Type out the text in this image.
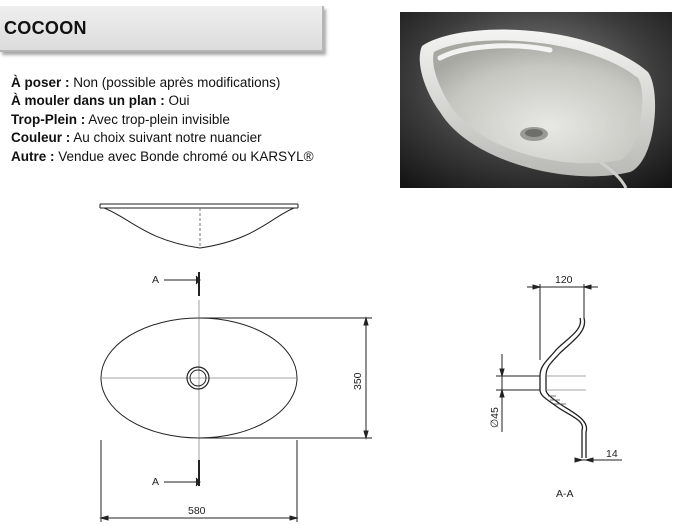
COCOON
À poser : Non (possible après modifications)
À mouler dans un plan : Oui
Trop-Plein : Avec trop-plein invisible
Couleur : Au choix suivant notre nuancier
Autre : Vendue avec Bonde chromé ou KARSYL®
A
A
580
350
120
∅45
14
A-A
